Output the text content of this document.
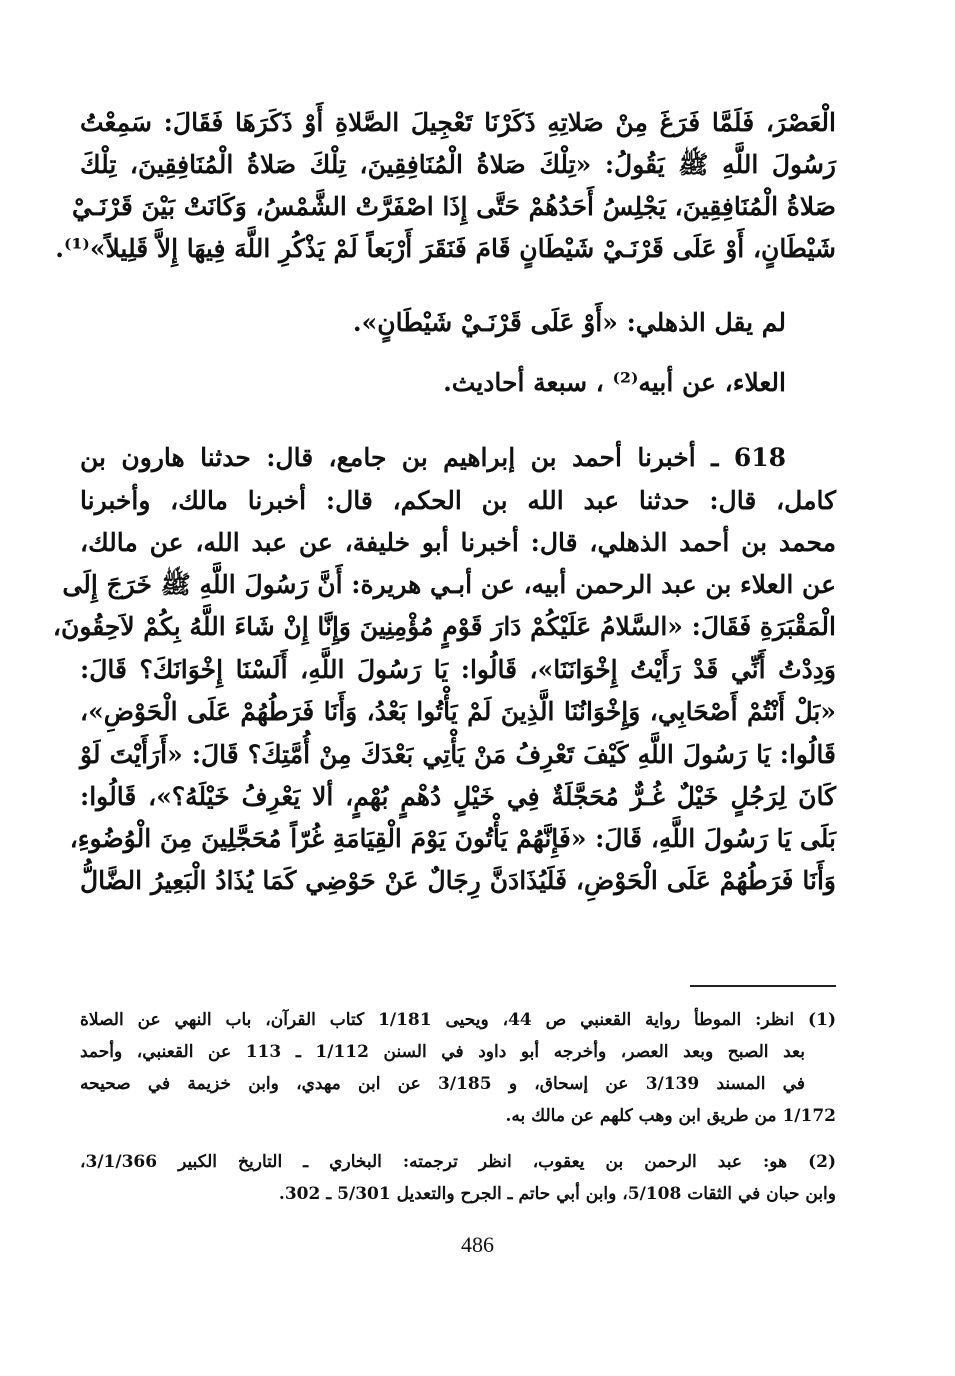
الْعَصْرَ، فَلَمَّا فَرَغَ مِنْ صَلاتِهِ ذَكَرْنَا تَعْجِيلَ الصَّلاةِ أَوْ ذَكَرَهَا فَقَالَ: سَمِعْتُ
رَسُولَ اللَّهِ ﷺ يَقُولُ: «تِلْكَ صَلاةُ الْمُنَافِقِينَ، تِلْكَ صَلاةُ الْمُنَافِقِينَ، تِلْكَ
صَلاةُ الْمُنَافِقِينَ، يَجْلِسُ أَحَدُهُمْ حَتَّى إِذَا اصْفَرَّتْ الشَّمْسُ، وَكَانَتْ بَيْنَ قَرْنَـيْ
شَيْطَانٍ، أَوْ عَلَى قَرْنَـيْ شَيْطَانٍ قَامَ فَنَقَرَ أَرْبَعاً لَمْ يَذْكُرِ اللَّهَ فِيهَا إِلاَّ قَلِيلاً»⁽¹⁾.
لم يقل الذهلي: «أَوْ عَلَى قَرْنَـيْ شَيْطَانٍ».
العلاء، عن أبيه⁽²⁾ ، سبعة أحاديث.
618 ـ أخبرنا أحمد بن إبراهيم بن جامع، قال: حدثنا هارون بن
كامل، قال: حدثنا عبد الله بن الحكم، قال: أخبرنا مالك، وأخبرنا
محمد بن أحمد الذهلي، قال: أخبرنا أبو خليفة، عن عبد الله، عن مالك،
عن العلاء بن عبد الرحمن أبيه، عن أبـي هريرة: أَنَّ رَسُولَ اللَّهِ ﷺ خَرَجَ إِلَى
الْمَقْبَرَةِ فَقَالَ: «السَّلامُ عَلَيْكُمْ دَارَ قَوْمٍ مُؤْمِنِينَ وَإِنَّا إِنْ شَاءَ اللَّهُ بِكُمْ لاَحِقُونَ،
وَدِدْتُ أَنِّي قَدْ رَأَيْتُ إِخْوَانَنَا»، قَالُوا: يَا رَسُولَ اللَّهِ، أَلَسْنَا إِخْوَانَكَ؟ قَالَ:
«بَلْ أَنْتُمْ أَصْحَابِي، وَإِخْوَانُنَا الَّذِينَ لَمْ يَأْتُوا بَعْدُ، وَأَنَا فَرَطُهُمْ عَلَى الْحَوْضِ»،
قَالُوا: يَا رَسُولَ اللَّهِ كَيْفَ تَعْرِفُ مَنْ يَأْتِي بَعْدَكَ مِنْ أُمَّتِكَ؟ قَالَ: «أَرَأَيْتَ لَوْ
كَانَ لِرَجُلٍ خَيْلٌ غُـرٌّ مُحَجَّلَةٌ فِي خَيْلٍ دُهْمٍ بُهْمٍ، ألا يَعْرِفُ خَيْلَهُ؟»، قَالُوا:
بَلَى يَا رَسُولَ اللَّهِ، قَالَ: «فَإِنَّهُمْ يَأْتُونَ يَوْمَ الْقِيَامَةِ غُرّاً مُحَجَّلِينَ مِنَ الْوُضُوءِ،
وَأَنَا فَرَطُهُمْ عَلَى الْحَوْضِ، فَلَيُذَادَنَّ رِجَالٌ عَنْ حَوْضِي كَمَا يُذَادُ الْبَعِيرُ الضَّالُّ
(1) انظر: الموطأ رواية القعنبي ص 44، ويحيى 1/181 كتاب القرآن، باب النهي عن الصلاة
بعد الصبح وبعد العصر، وأخرجه أبو داود في السنن 1/112 ـ 113 عن القعنبي، وأحمد
في المسند 3/139 عن إسحاق، و 3/185 عن ابن مهدي، وابن خزيمة في صحيحه
1/172 من طريق ابن وهب كلهم عن مالك به.
(2) هو: عبد الرحمن بن يعقوب، انظر ترجمته: البخاري ـ التاريخ الكبير 3/1/366،
وابن حبان في الثقات 5/108، وابن أبي حاتم ـ الجرح والتعديل 5/301 ـ 302.
486
